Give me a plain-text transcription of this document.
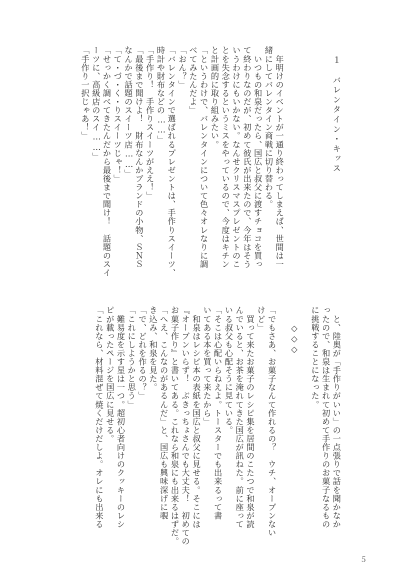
１　バレンタイン・キッス

　年明けのイベントが一通り終わってしまえば、世間は一

緒にしてバレンタイン商戦に切り替わる。

　いつもの和泉だったら、国広と叔父に渡すチョコを買っ

て終わりなのだが、初めて彼氏が出来たので、今年はそう

いうわけにもいかない。なんせクリスマスプレゼントのこ

とを失念するというミスをやっているので、今度はキチン

と計画的に取り組みたい。

「というわけで、バレンタインについて色々オレなりに調

べてみたんだよ」

「おん？」

「バレンタインで選ばれるプレゼントは、手作りスイーツ、

時計や財布などの……」

「手作り！　手作りスイーツがええ！」

「最後まで聞けよ！　財布なんかブランドの小物、ＳＮＳ

なんかで話題のスイーツ店……」

「て・づ・く・りスイーツじゃ！」

「せっかく調べてきたんだから最後まで聞け！　話題のスイ

ーツに、高級店のスイ……」

「手作り一択じゃあ！」

　と、陸奥が「手作りがいい」の一点張りで話を聞かなか

ったので、和泉は生まれて初めて手作りのお菓子なるもの

に挑戦することになった。

　　◇◇◇

「でもさあ、お菓子なんて作れるの？　ウチ、オーブンない

けど」

　買って来たお菓子のレシピ集を居間のこたつで和泉が読

んでいると、お茶を淹れてきた国広が訊ねた。前に座って

いる叔父も心配そうに見ている。

「そこは心配いらねえよ。トースターでも出来るって書

いてある本を買って来たから」

　和泉はレシピ本の表紙を国広と叔父に見せる。そこには

『オーブンいらず！　ぶきっちょさんでも大丈夫！　初めての

お菓子作り』と書いてある。これなら和泉にも出来るはずだ。

「へえ、こんなのがあるんだ」と、国広も興味深げに覗

き込み、和泉を見た。

「で、どれを作るの？」

「これにしようかと思う」

　難易度を示す星は一つ。超初心者向けのクッキーのレシ

ピが載ったページを国広に見せる。

「これなら、材料混ぜて焼くだけだしよ。オレにも出来る

５
